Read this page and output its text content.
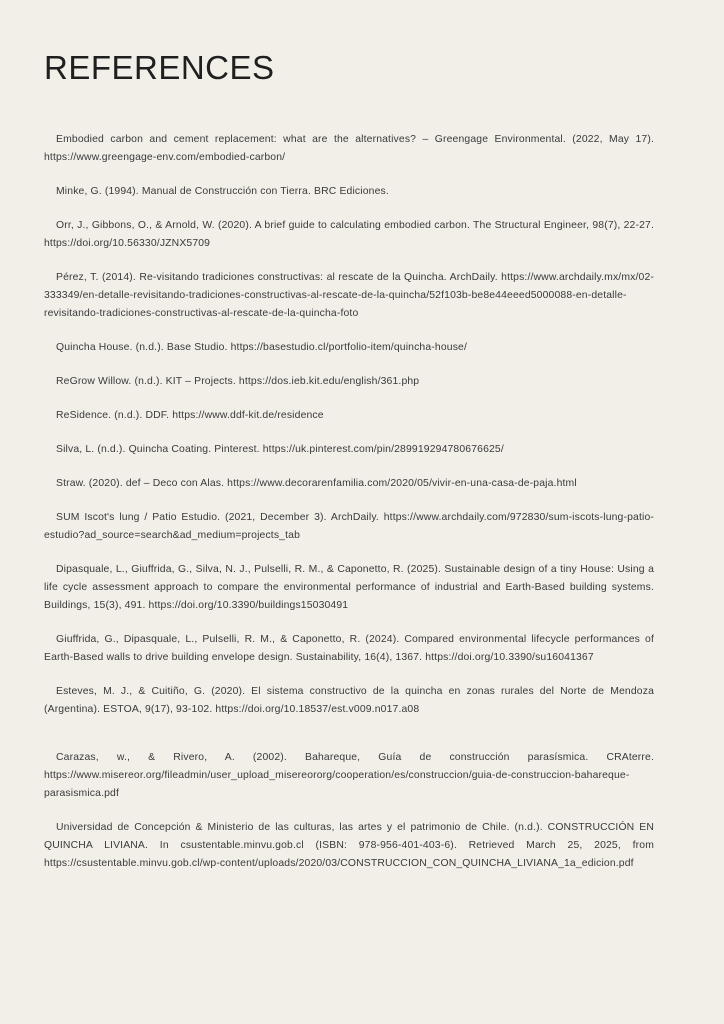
REFERENCES

Embodied carbon and cement replacement: what are the alternatives? – Greengage Environmental. (2022, May 17). https://www.greengage-env.com/embodied-carbon/

Minke, G. (1994). Manual de Construcción con Tierra. BRC Ediciones.

Orr, J., Gibbons, O., & Arnold, W. (2020). A brief guide to calculating embodied carbon. The Structural Engineer, 98(7), 22-27. https://doi.org/10.56330/JZNX5709

Pérez, T. (2014). Re-visitando tradiciones constructivas: al rescate de la Quincha. ArchDaily. https://www.archdaily.mx/mx/02-333349/en-detalle-revisitando-tradiciones-constructivas-al-rescate-de-la-quincha/52f103b-be8e44eeed5000088-en-detalle-revisitando-tradiciones-constructivas-al-rescate-de-la-quincha-foto

Quincha House. (n.d.). Base Studio. https://basestudio.cl/portfolio-item/quincha-house/

ReGrow Willow. (n.d.). KIT – Projects. https://dos.ieb.kit.edu/english/361.php

ReSidence. (n.d.). DDF. https://www.ddf-kit.de/residence

Silva, L. (n.d.). Quincha Coating. Pinterest. https://uk.pinterest.com/pin/289919294780676625/

Straw. (2020). def – Deco con Alas. https://www.decorarenfamilia.com/2020/05/vivir-en-una-casa-de-paja.html

SUM Iscot's lung / Patio Estudio. (2021, December 3). ArchDaily. https://www.archdaily.com/972830/sum-iscots-lung-patio-estudio?ad_source=search&ad_medium=projects_tab

Dipasquale, L., Giuffrida, G., Silva, N. J., Pulselli, R. M., & Caponetto, R. (2025). Sustainable design of a tiny House: Using a life cycle assessment approach to compare the environmental performance of industrial and Earth-Based building systems. Buildings, 15(3), 491. https://doi.org/10.3390/buildings15030491

Giuffrida, G., Dipasquale, L., Pulselli, R. M., & Caponetto, R. (2024). Compared environmental lifecycle performances of Earth-Based walls to drive building envelope design. Sustainability, 16(4), 1367. https://doi.org/10.3390/su16041367

Esteves, M. J., & Cuitiño, G. (2020). El sistema constructivo de la quincha en zonas rurales del Norte de Mendoza (Argentina). ESTOA, 9(17), 93-102. https://doi.org/10.18537/est.v009.n017.a08

Carazas, w., & Rivero, A. (2002). Bahareque, Guía de construcción parasísmica. CRAterre. https://www.misereor.org/fileadmin/user_upload_misereororg/cooperation/es/construccion/guia-de-construccion-bahareque-parasismica.pdf

Universidad de Concepción & Ministerio de las culturas, las artes y el patrimonio de Chile. (n.d.). CONSTRUCCIÓN EN QUINCHA LIVIANA. In csustentable.minvu.gob.cl (ISBN: 978-956-401-403-6). Retrieved March 25, 2025, from https://csustentable.minvu.gob.cl/wp-content/uploads/2020/03/CONSTRUCCION_CON_QUINCHA_LIVIANA_1a_edicion.pdf
